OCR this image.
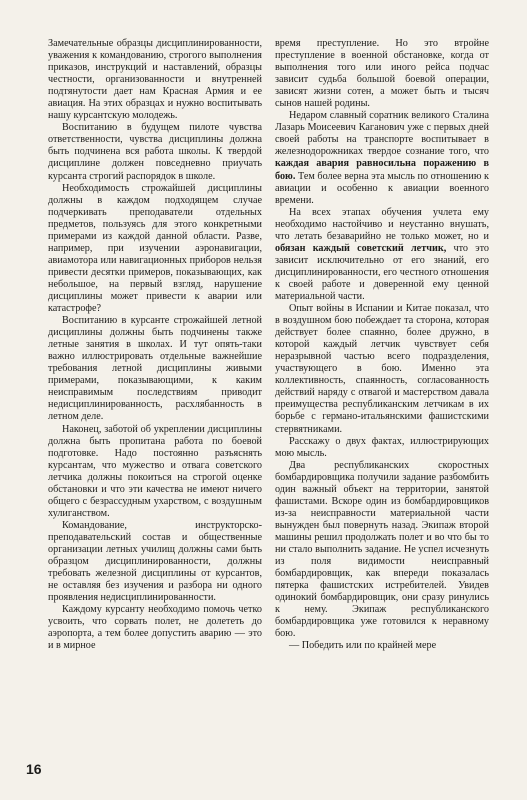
Замечательные образцы дисциплинированности, уважения к командованию, строгого выполнения приказов, инструкций и наставлений, образцы честности, организованности и внутренней подтянутости дает нам Красная Армия и ее авиация. На этих образцах и нужно воспитывать нашу курсантскую молодежь.

Воспитанию в будущем пилоте чувства ответственности, чувства дисциплины должна быть подчинена вся работа школы. К твердой дисциплине должен повседневно приучать курсанта строгий распорядок в школе.

Необходимость строжайшей дисциплины должны в каждом подходящем случае подчеркивать преподаватели отдельных предметов, пользуясь для этого конкретными примерами из каждой данной области. Разве, например, при изучении аэронавигации, авиамотора или навигационных приборов нельзя привести десятки примеров, показывающих, как небольшое, на первый взгляд, нарушение дисциплины может привести к аварии или катастрофе?

Воспитанию в курсанте строжайшей летной дисциплины должны быть подчинены также летные занятия в школах. И тут опять-таки важно иллюстрировать отдельные важнейшие требования летной дисциплины живыми примерами, показывающими, к каким неисправимым последствиям приводит недисциплинированность, расхлябанность в летном деле.

Наконец, заботой об укреплении дисциплины должна быть пропитана работа по боевой подготовке. Надо постоянно разъяснять курсантам, что мужество и отвага советского летчика должны покоиться на строгой оценке обстановки и что эти качества не имеют ничего общего с безрассудным ухарством, с воздушным хулиганством.

Командование, инструкторско-преподавательский состав и общественные организации летных училищ должны сами быть образцом дисциплинированности, должны требовать железной дисциплины от курсантов, не оставляя без изучения и разбора ни одного проявления недисциплинированности.

Каждому курсанту необходимо помочь четко усвоить, что сорвать полет, не долететь до аэропорта, а тем более допустить аварию — это и в мирное

время преступление. Но это втройне преступление в военной обстановке, когда от выполнения того или иного рейса подчас зависит судьба большой боевой операции, зависят жизни сотен, а может быть и тысяч сынов нашей родины.

Недаром славный соратник великого Сталина Лазарь Моисеевич Каганович уже с первых дней своей работы на транспорте воспитывает в железнодорожниках твердое сознание того, что каждая авария равносильна поражению в бою. Тем более верна эта мысль по отношению к авиации и особенно к авиации военного времени.

На всех этапах обучения учлета ему необходимо настойчиво и неустанно внушать, что летать безаварийно не только может, но и обязан каждый советский летчик, что это зависит исключительно от его знаний, его дисциплинированности, его честного отношения к своей работе и доверенной ему ценной материальной части.

Опыт войны в Испании и Китае показал, что в воздушном бою побеждает та сторона, которая действует более спаянно, более дружно, в которой каждый летчик чувствует себя неразрывной частью всего подразделения, участвующего в бою. Именно эта коллективность, спаянность, согласованность действий наряду с отвагой и мастерством давала преимущества республиканским летчикам в их борьбе с германо-итальянскими фашистскими стервятниками.

Расскажу о двух фактах, иллюстрирующих мою мысль.

Два республиканских скоростных бомбардировщика получили задание разбомбить один важный объект на территории, занятой фашистами. Вскоре один из бомбардировщиков из-за неисправности материальной части вынужден был повернуть назад. Экипаж второй машины решил продолжать полет и во что бы то ни стало выполнить задание. Не успел исчезнуть из поля видимости неисправный бомбардировщик, как впереди показалась пятерка фашистских истребителей. Увидев одинокий бомбардировщик, они сразу ринулись к нему. Экипаж республиканского бомбардировщика уже готовился к неравному бою.

— Победить или по крайней мере

16
